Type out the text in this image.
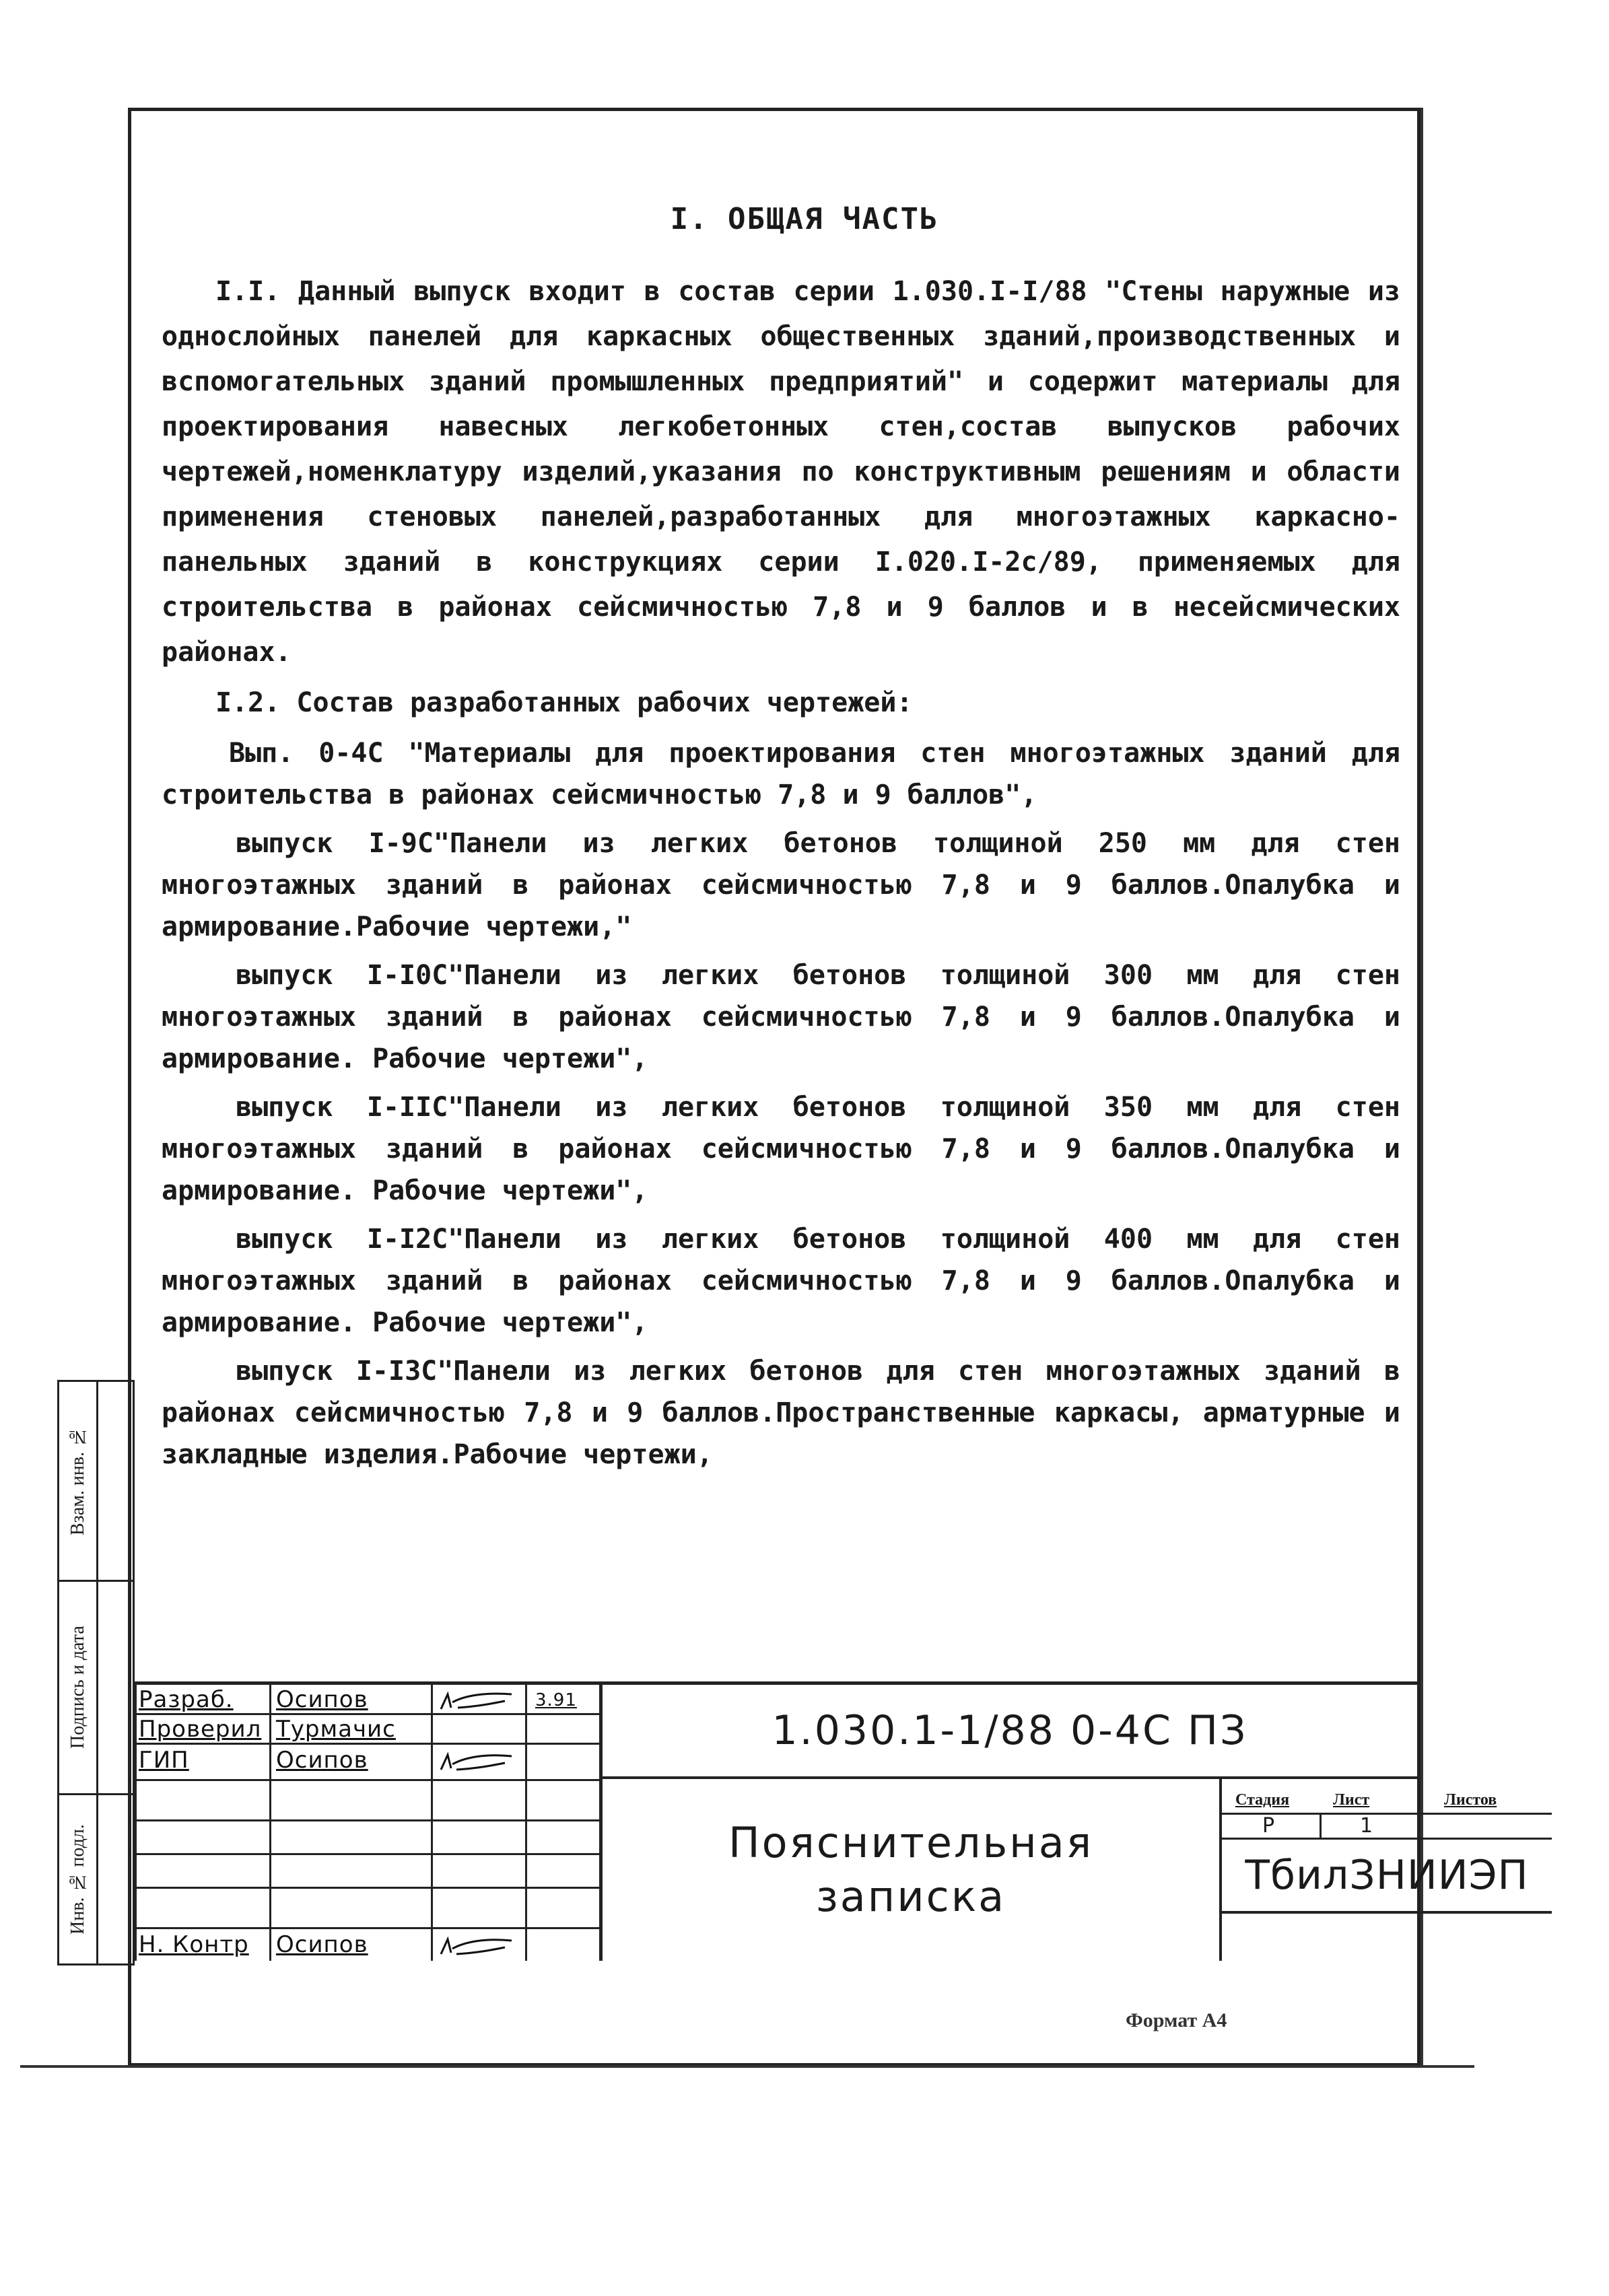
I. ОБЩАЯ ЧАСТЬ

I.I. Данный выпуск входит в состав серии 1.030.I-I/88 "Стены наружные из однослойных панелей для каркасных общественных зданий,производственных и вспомогательных зданий промышленных предприятий" и содержит материалы для проектирования навесных легкобетонных стен,состав выпусков рабочих чертежей,номенклатуру изделий,указания по конструктивным решениям и области применения стеновых панелей,разработанных для многоэтажных каркасно-панельных зданий в конструкциях серии I.020.I-2с/89, применяемых для строительства в районах сейсмичностью 7,8 и 9 баллов и в несейсмических районах.

I.2. Состав разработанных рабочих чертежей:

Вып. 0-4С "Материалы для проектирования стен многоэтажных зданий для строительства в районах сейсмичностью 7,8 и 9 баллов",

выпуск I-9С"Панели из легких бетонов толщиной 250 мм для стен многоэтажных зданий в районах сейсмичностью 7,8 и 9 баллов.Опалубка и армирование.Рабочие чертежи,"

выпуск I-I0С"Панели из легких бетонов толщиной 300 мм для стен многоэтажных зданий в районах сейсмичностью 7,8 и 9 баллов.Опалубка и армирование. Рабочие чертежи",

выпуск I-IIС"Панели из легких бетонов толщиной 350 мм для стен многоэтажных зданий в районах сейсмичностью 7,8 и 9 баллов.Опалубка и армирование. Рабочие чертежи",

выпуск I-I2С"Панели из легких бетонов толщиной 400 мм для стен многоэтажных зданий в районах сейсмичностью 7,8 и 9 баллов.Опалубка и армирование. Рабочие чертежи",

выпуск I-I3С"Панели из легких бетонов для стен многоэтажных зданий в районах сейсмичностью 7,8 и 9 баллов.Пространственные каркасы, арматурные и закладные изделия.Рабочие чертежи,

Взам. инв. №
Подпись и дата
Инв. № подл.
Разраб. Осипов	3.91
Проверил Турмачис
ГИП	Осипов
Н. Контр Осипов
1.030.1-1/88 0-4С ПЗ
Пояснительная
записка
Стадия	Лист	Листов
Р	1
ТбилЗНИИЭП
Формат А4
